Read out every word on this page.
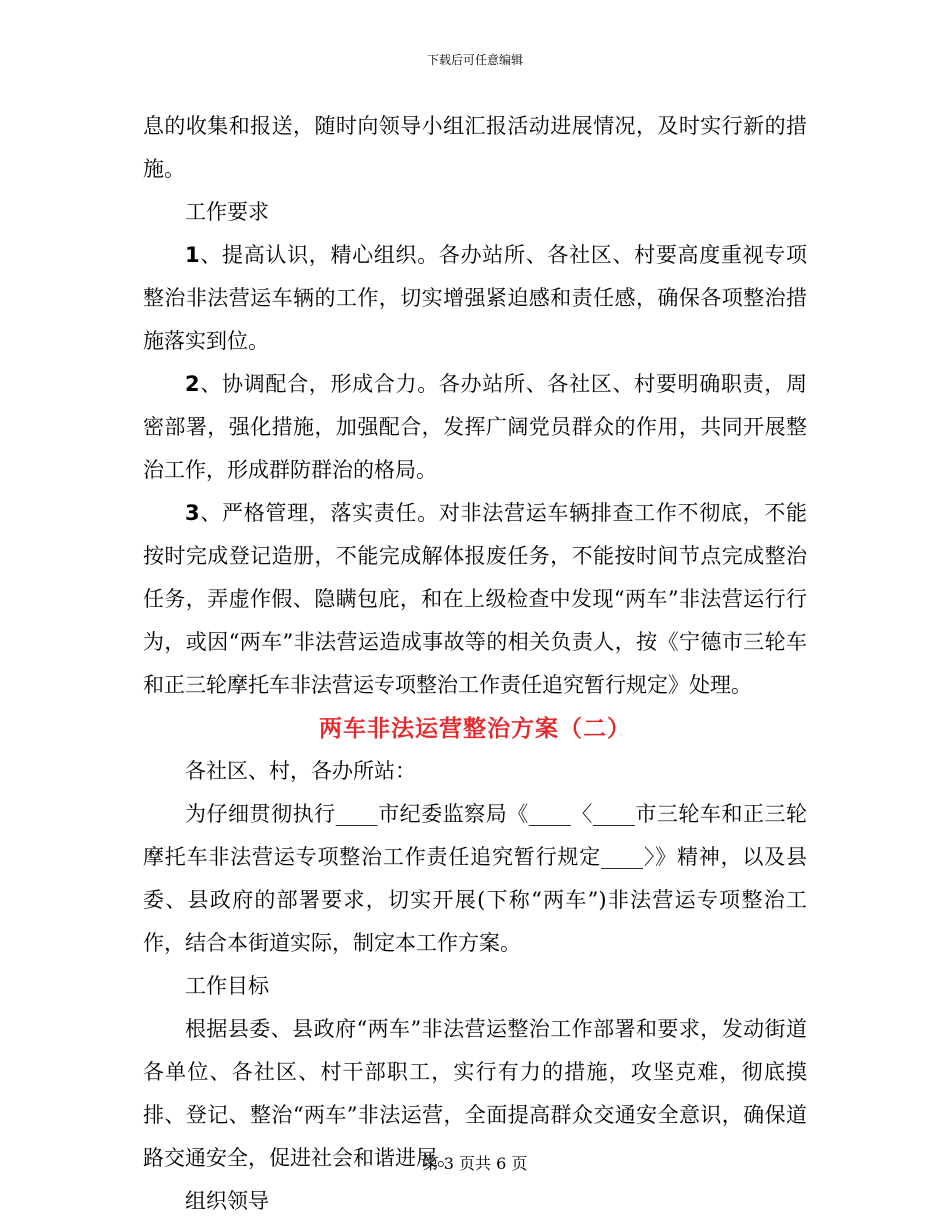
下载后可任意编辑

息的收集和报送，随时向领导小组汇报活动进展情况，及时实行新的措施。

工作要求

1、提高认识，精心组织。各办站所、各社区、村要高度重视专项整治非法营运车辆的工作，切实增强紧迫感和责任感，确保各项整治措施落实到位。

2、协调配合，形成合力。各办站所、各社区、村要明确职责，周密部署，强化措施，加强配合，发挥广阔党员群众的作用，共同开展整治工作，形成群防群治的格局。

3、严格管理，落实责任。对非法营运车辆排查工作不彻底，不能按时完成登记造册，不能完成解体报废任务，不能按时间节点完成整治任务，弄虚作假、隐瞒包庇，和在上级检查中发现“两车”非法营运行行为，或因“两车”非法营运造成事故等的相关负责人，按《宁德市三轮车和正三轮摩托车非法营运专项整治工作责任追究暂行规定》处理。

两车非法运营整治方案（二）

各社区、村，各办所站：

为仔细贯彻执行____市纪委监察局《____〈____市三轮车和正三轮摩托车非法营运专项整治工作责任追究暂行规定____〉》精神，以及县委、县政府的部署要求，切实开展(下称“两车”)非法营运专项整治工作，结合本街道实际，制定本工作方案。

工作目标

根据县委、县政府“两车”非法营运整治工作部署和要求，发动街道各单位、各社区、村干部职工，实行有力的措施，攻坚克难，彻底摸排、登记、整治“两车”非法运营，全面提高群众交通安全意识，确保道路交通安全，促进社会和谐进展。

组织领导

第 3 页共 6 页
